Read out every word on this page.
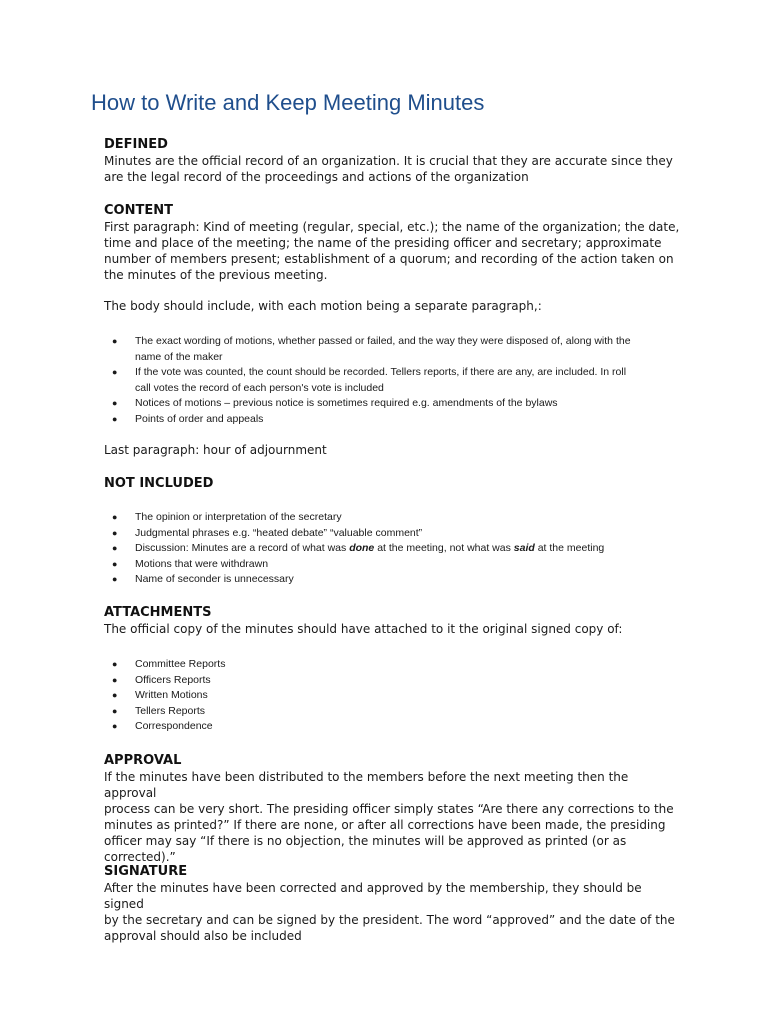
How to Write and Keep Meeting Minutes
DEFINED
Minutes are the official record of an organization. It is crucial that they are accurate since they
are the legal record of the proceedings and actions of the organization
CONTENT
First paragraph: Kind of meeting (regular, special, etc.); the name of the organization; the date,
time and place of the meeting; the name of the presiding officer and secretary; approximate
number of members present; establishment of a quorum; and recording of the action taken on
the minutes of the previous meeting.
The body should include, with each motion being a separate paragraph,:
● The exact wording of motions, whether passed or failed, and the way they were disposed of, along with the
name of the maker
● If the vote was counted, the count should be recorded. Tellers reports, if there are any, are included. In roll
call votes the record of each person's vote is included
● Notices of motions – previous notice is sometimes required e.g. amendments of the bylaws
● Points of order and appeals
Last paragraph: hour of adjournment
NOT INCLUDED
● The opinion or interpretation of the secretary
● Judgmental phrases e.g. “heated debate” “valuable comment”
● Discussion: Minutes are a record of what was done at the meeting, not what was said at the meeting
● Motions that were withdrawn
● Name of seconder is unnecessary
ATTACHMENTS
The official copy of the minutes should have attached to it the original signed copy of:
● Committee Reports
● Officers Reports
● Written Motions
● Tellers Reports
● Correspondence
APPROVAL
If the minutes have been distributed to the members before the next meeting then the approval
process can be very short. The presiding officer simply states “Are there any corrections to the
minutes as printed?” If there are none, or after all corrections have been made, the presiding
officer may say “If there is no objection, the minutes will be approved as printed (or as
corrected).”
SIGNATURE
After the minutes have been corrected and approved by the membership, they should be signed
by the secretary and can be signed by the president. The word “approved” and the date of the
approval should also be included
